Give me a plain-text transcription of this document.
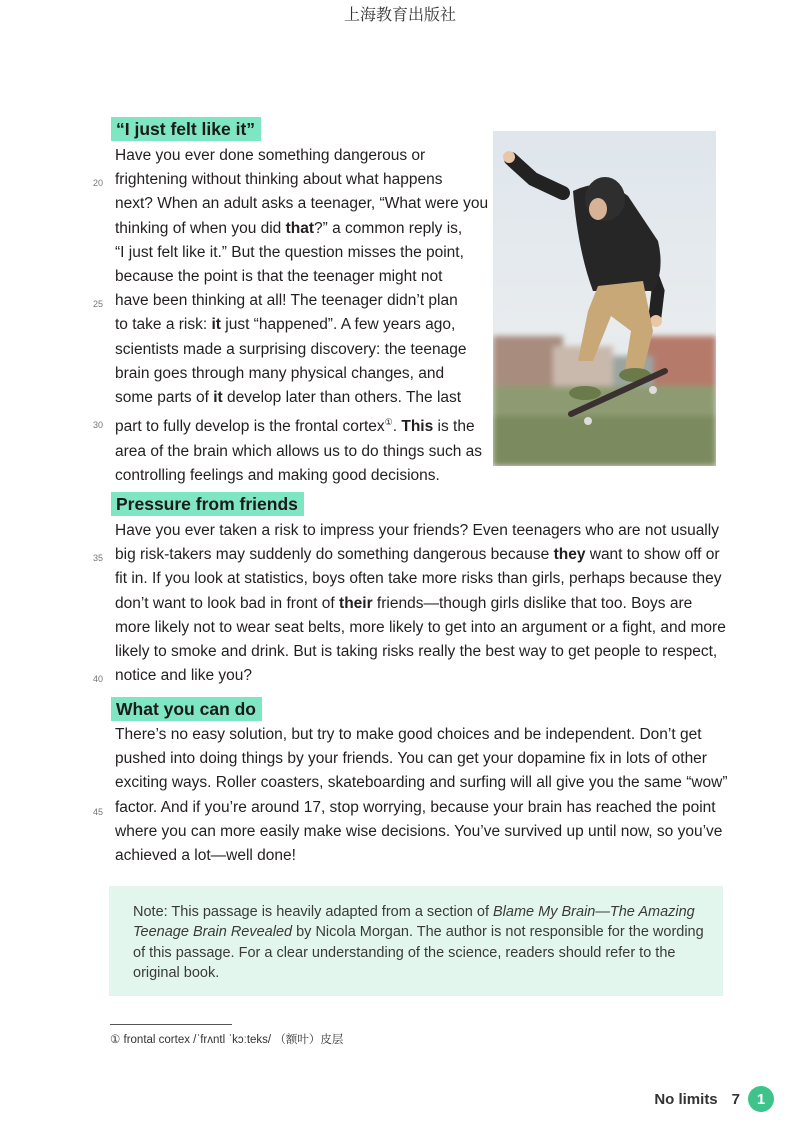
上海教育出版社
“I just felt like it”
Have you ever done something dangerous or
frightening without thinking about what happens
next? When an adult asks a teenager, “What were you
thinking of when you did that?” a common reply is,
“I just felt like it.” But the question misses the point,
because the point is that the teenager might not
have been thinking at all! The teenager didn’t plan
to take a risk: it just “happened”. A few years ago,
scientists made a surprising discovery: the teenage
brain goes through many physical changes, and
some parts of it develop later than others. The last
part to fully develop is the frontal cortex①. This is the
area of the brain which allows us to do things such as
controlling feelings and making good decisions.
Pressure from friends
Have you ever taken a risk to impress your friends? Even teenagers who are not usually
big risk-takers may suddenly do something dangerous because they want to show off or
fit in. If you look at statistics, boys often take more risks than girls, perhaps because they
don’t want to look bad in front of their friends—though girls dislike that too. Boys are
more likely not to wear seat belts, more likely to get into an argument or a fight, and more
likely to smoke and drink. But is taking risks really the best way to get people to respect,
notice and like you?
What you can do
There’s no easy solution, but try to make good choices and be independent. Don’t get
pushed into doing things by your friends. You can get your dopamine fix in lots of other
exciting ways. Roller coasters, skateboarding and surfing will all give you the same “wow”
factor. And if you’re around 17, stop worrying, because your brain has reached the point
where you can more easily make wise decisions. You’ve survived up until now, so you’ve
achieved a lot—well done!
20
25
30
35
40
45
Note: This passage is heavily adapted from a section of Blame My Brain—The Amazing
Teenage Brain Revealed by Nicola Morgan. The author is not responsible for the wording
of this passage. For a clear understanding of the science, readers should refer to the
original book.
① frontal cortex /ˈfrʌntl ˈkɔːteks/ （额叶）皮层
No limits 7	1
